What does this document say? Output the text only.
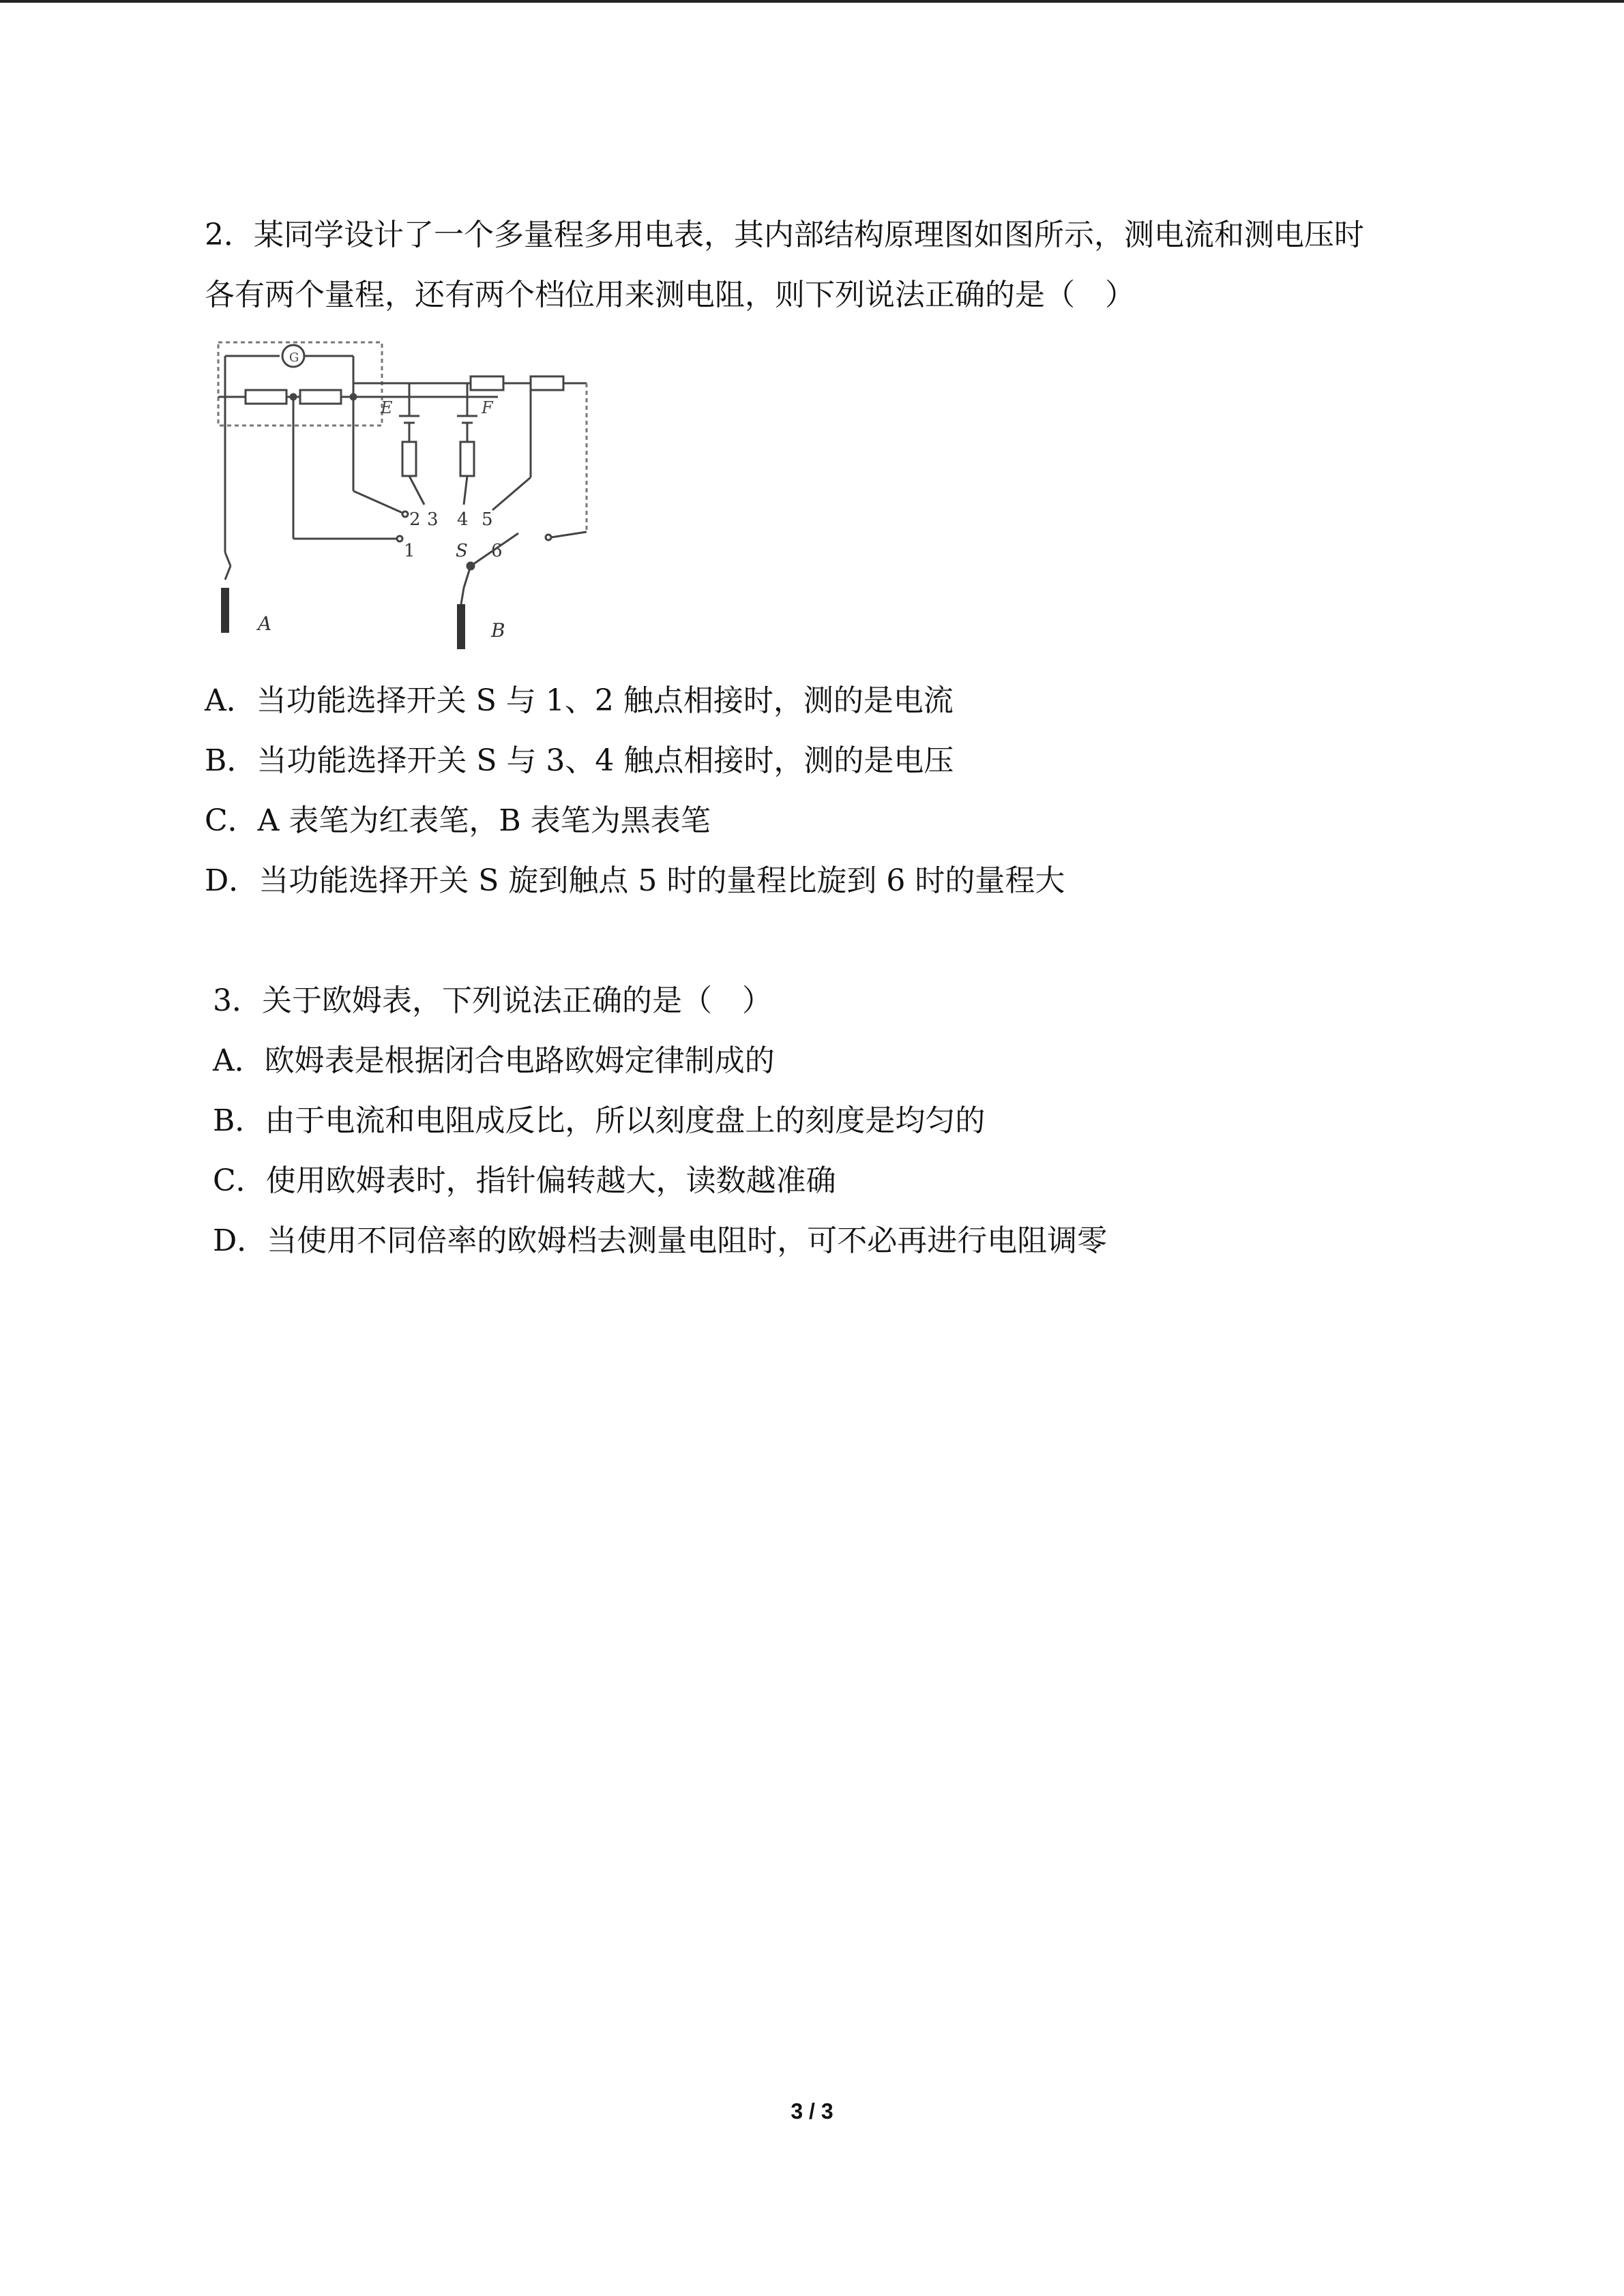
2．某同学设计了一个多量程多用电表，其内部结构原理图如图所示，测电流和测电压时
各有两个量程，还有两个档位用来测电阻，则下列说法正确的是（　）
G
E	F
2 3 4 5
1 S 6
A	B
A．当功能选择开关 S 与 1、2 触点相接时，测的是电流
B．当功能选择开关 S 与 3、4 触点相接时，测的是电压
C．A 表笔为红表笔，B 表笔为黑表笔
D．当功能选择开关 S 旋到触点 5 时的量程比旋到 6 时的量程大
3．关于欧姆表，下列说法正确的是（　）
A．欧姆表是根据闭合电路欧姆定律制成的
B．由于电流和电阻成反比，所以刻度盘上的刻度是均匀的
C．使用欧姆表时，指针偏转越大，读数越准确
D．当使用不同倍率的欧姆档去测量电阻时，可不必再进行电阻调零
3 / 3
